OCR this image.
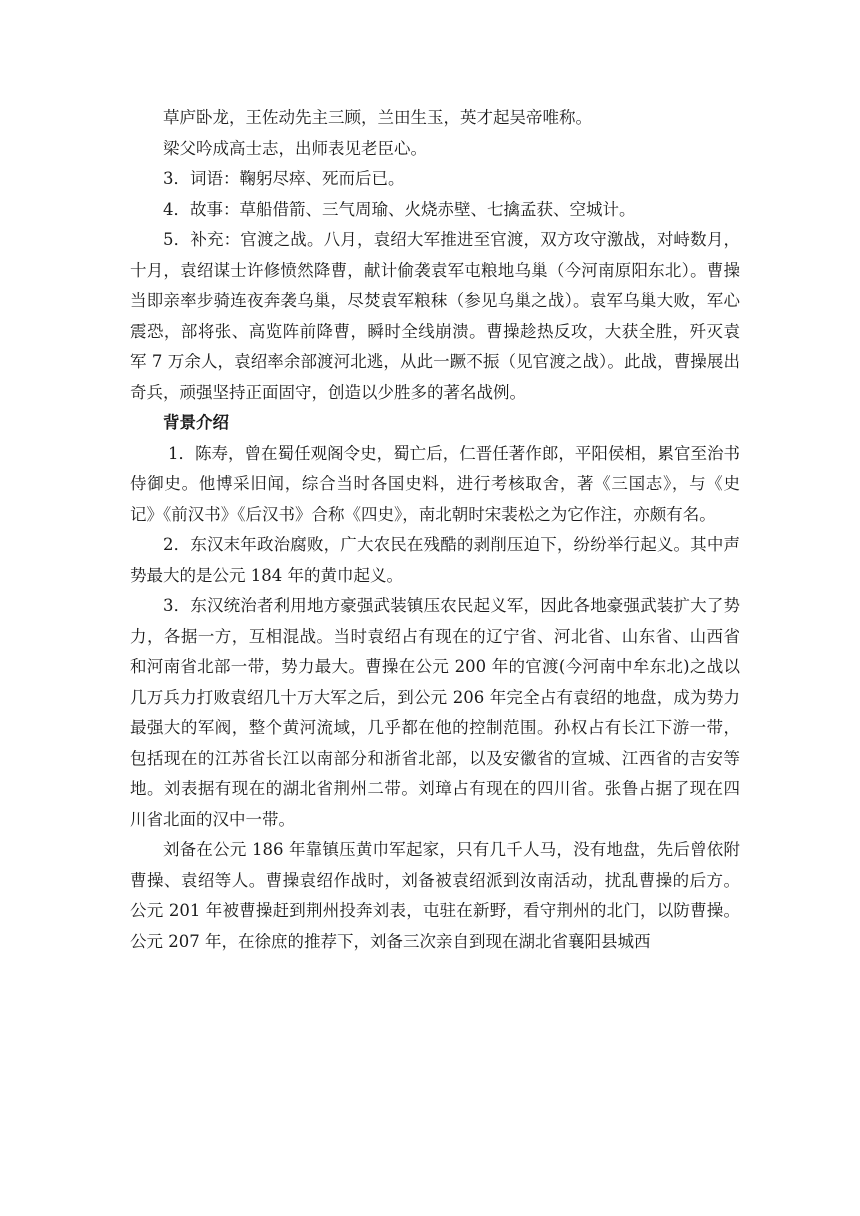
草庐卧龙，王佐动先主三顾，兰田生玉，英才起吴帝唯称。

梁父吟成高士志，出师表见老臣心。

3．词语：鞠躬尽瘁、死而后已。

4．故事：草船借箭、三气周瑜、火烧赤壁、七擒孟获、空城计。

5．补充：官渡之战。八月，袁绍大军推进至官渡，双方攻守激战，对峙数月，十月，袁绍谋士许修愤然降曹，献计偷袭袁军屯粮地乌巢（今河南原阳东北）。曹操当即亲率步骑连夜奔袭乌巢，尽焚袁军粮秣（参见乌巢之战）。袁军乌巢大败，军心震恐，部将张、高览阵前降曹，瞬时全线崩溃。曹操趁热反攻，大获全胜，歼灭袁军 7 万余人，袁绍率余部渡河北逃，从此一蹶不振（见官渡之战）。此战，曹操展出奇兵，顽强坚持正面固守，创造以少胜多的著名战例。

背景介绍

1．陈寿，曾在蜀任观阁令史，蜀亡后，仁晋任著作郎，平阳侯相，累官至治书侍御史。他博采旧闻，综合当时各国史料，进行考核取舍，著《三国志》，与《史记》《前汉书》《后汉书》合称《四史》，南北朝时宋裴松之为它作注，亦颇有名。

2．东汉末年政治腐败，广大农民在残酷的剥削压迫下，纷纷举行起义。其中声势最大的是公元 184 年的黄巾起义。

3．东汉统治者利用地方豪强武装镇压农民起义军，因此各地豪强武装扩大了势力，各据一方，互相混战。当时袁绍占有现在的辽宁省、河北省、山东省、山西省和河南省北部一带，势力最大。曹操在公元 200 年的官渡(今河南中牟东北)之战以几万兵力打败袁绍几十万大军之后，到公元 206 年完全占有袁绍的地盘，成为势力最强大的军阀，整个黄河流域，几乎都在他的控制范围。孙权占有长江下游一带，包括现在的江苏省长江以南部分和浙省北部，以及安徽省的宣城、江西省的吉安等地。刘表据有现在的湖北省荆州二带。刘璋占有现在的四川省。张鲁占据了现在四川省北面的汉中一带。

刘备在公元 186 年靠镇压黄巾军起家，只有几千人马，没有地盘，先后曾依附曹操、袁绍等人。曹操袁绍作战时，刘备被袁绍派到汝南活动，扰乱曹操的后方。公元 201 年被曹操赶到荆州投奔刘表，屯驻在新野，看守荆州的北门，以防曹操。公元 207 年，在徐庶的推荐下，刘备三次亲自到现在湖北省襄阳县城西
